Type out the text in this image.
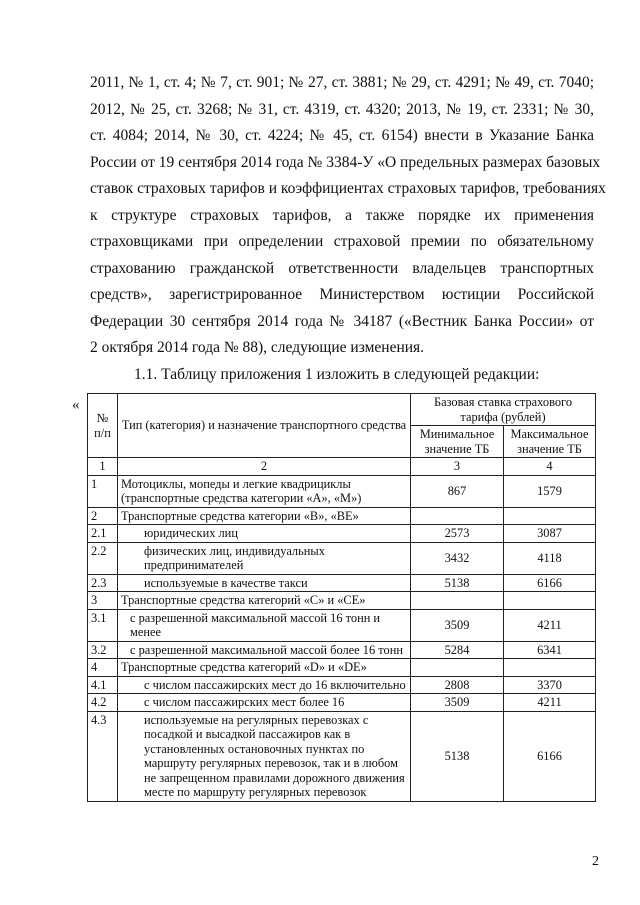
2011, № 1, ст. 4; № 7, ст. 901; № 27, ст. 3881; № 29, ст. 4291; № 49, ст. 7040;
2012, № 25, ст. 3268; № 31, ст. 4319, ст. 4320; 2013, № 19, ст. 2331; № 30,
ст. 4084; 2014, № 30, ст. 4224; № 45, ст. 6154) внести в Указание Банка
России от 19 сентября 2014 года № 3384-У «О предельных размерах базовых
ставок страховых тарифов и коэффициентах страховых тарифов, требованиях
к структуре страховых тарифов, а также порядке их применения
страховщиками при определении страховой премии по обязательному
страхованию гражданской ответственности владельцев транспортных
средств», зарегистрированное Министерством юстиции Российской
Федерации 30 сентября 2014 года № 34187 («Вестник Банка России» от
2 октября 2014 года № 88), следующие изменения.
1.1. Таблицу приложения 1 изложить в следующей редакции:
«
№ п/п	Тип (категория) и назначение транспортного средства	Базовая ставка страхового тарифа (рублей)	
		Минимальное значение ТБ	Максимальное значение ТБ
1	2	3	4
1	Мотоциклы, мопеды и легкие квадрициклы (транспортные средства категории «А», «М»)	867	1579
2	Транспортные средства категории «В», «ВЕ»		
2.1	юридических лиц	2573	3087
2.2	физических лиц, индивидуальных предпринимателей	3432	4118
2.3	используемые в качестве такси	5138	6166
3	Транспортные средства категорий «С» и «СЕ»		
3.1	с разрешенной максимальной массой 16 тонн и менее	3509	4211
3.2	с разрешенной максимальной массой более 16 тонн	5284	6341
4	Транспортные средства категорий «D» и «DЕ»		
4.1	с числом пассажирских мест до 16 включительно	2808	3370
4.2	с числом пассажирских мест более 16	3509	4211
4.3	используемые на регулярных перевозках с посадкой и высадкой пассажиров как в установленных остановочных пунктах по маршруту регулярных перевозок, так и в любом не запрещенном правилами дорожного движения месте по маршруту регулярных перевозок	5138	6166
2
